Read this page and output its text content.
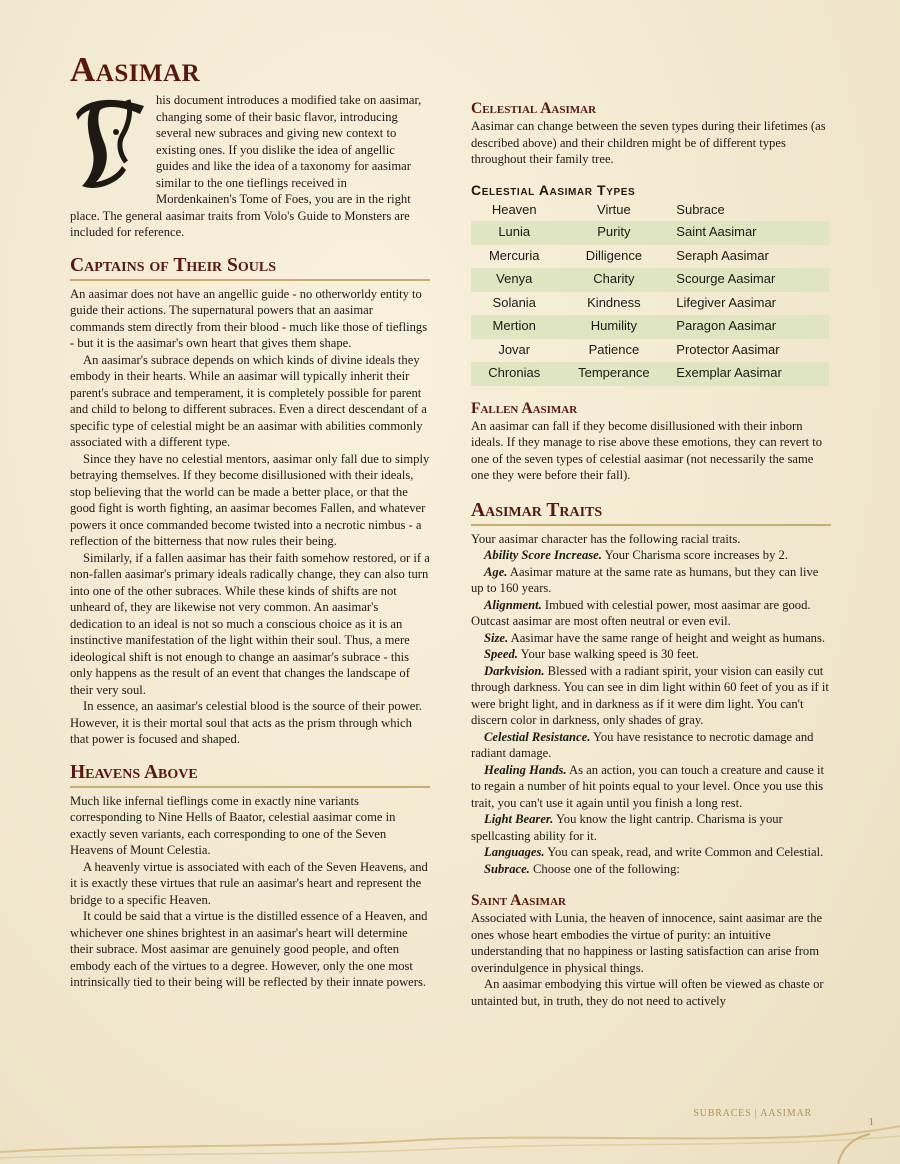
Aasimar

his document introduces a modified take on aasimar, changing some of their basic flavor, introducing several new subraces and giving new context to existing ones. If you dislike the idea of angellic guides and like the idea of a taxonomy for aasimar similar to the one tieflings received in Mordenkainen's Tome of Foes, you are in the right place. The general aasimar traits from Volo's Guide to Monsters are included for reference.

Captains of Their Souls

An aasimar does not have an angellic guide - no otherworldy entity to guide their actions. The supernatural powers that an aasimar commands stem directly from their blood - much like those of tieflings - but it is the aasimar's own heart that gives them shape.

An aasimar's subrace depends on which kinds of divine ideals they embody in their hearts. While an aasimar will typically inherit their parent's subrace and temperament, it is completely possible for parent and child to belong to different subraces. Even a direct descendant of a specific type of celestial might be an aasimar with abilities commonly associated with a different type.

Since they have no celestial mentors, aasimar only fall due to simply betraying themselves. If they become disillusioned with their ideals, stop believing that the world can be made a better place, or that the good fight is worth fighting, an aasimar becomes Fallen, and whatever powers it once commanded become twisted into a necrotic nimbus - a reflection of the bitterness that now rules their being.

Similarly, if a fallen aasimar has their faith somehow restored, or if a non-fallen aasimar's primary ideals radically change, they can also turn into one of the other subraces. While these kinds of shifts are not unheard of, they are likewise not very common. An aasimar's dedication to an ideal is not so much a conscious choice as it is an instinctive manifestation of the light within their soul. Thus, a mere ideological shift is not enough to change an aasimar's subrace - this only happens as the result of an event that changes the landscape of their very soul.

In essence, an aasimar's celestial blood is the source of their power. However, it is their mortal soul that acts as the prism through which that power is focused and shaped.

Heavens Above

Much like infernal tieflings come in exactly nine variants corresponding to Nine Hells of Baator, celestial aasimar come in exactly seven variants, each corresponding to one of the Seven Heavens of Mount Celestia.

A heavenly virtue is associated with each of the Seven Heavens, and it is exactly these virtues that rule an aasimar's heart and represent the bridge to a specific Heaven.

It could be said that a virtue is the distilled essence of a Heaven, and whichever one shines brightest in an aasimar's heart will determine their subrace. Most aasimar are genuinely good people, and often embody each of the virtues to a degree. However, only the one most intrinsically tied to their being will be reflected by their innate powers.

Celestial Aasimar

Aasimar can change between the seven types during their lifetimes (as described above) and their children might be of different types throughout their family tree.

Celestial Aasimar Types
Heaven	Virtue	Subrace
Lunia	Purity	Saint Aasimar
Mercuria	Dilligence	Seraph Aasimar
Venya	Charity	Scourge Aasimar
Solania	Kindness	Lifegiver Aasimar
Mertion	Humility	Paragon Aasimar
Jovar	Patience	Protector Aasimar
Chronias	Temperance	Exemplar Aasimar
Fallen Aasimar

An aasimar can fall if they become disillusioned with their inborn ideals. If they manage to rise above these emotions, they can revert to one of the seven types of celestial aasimar (not necessarily the same one they were before their fall).

Aasimar Traits

Your aasimar character has the following racial traits.

Ability Score Increase. Your Charisma score increases by 2.

Age. Aasimar mature at the same rate as humans, but they can live up to 160 years.

Alignment. Imbued with celestial power, most aasimar are good. Outcast aasimar are most often neutral or even evil.

Size. Aasimar have the same range of height and weight as humans.

Speed. Your base walking speed is 30 feet.

Darkvision. Blessed with a radiant spirit, your vision can easily cut through darkness. You can see in dim light within 60 feet of you as if it were bright light, and in darkness as if it were dim light. You can't discern color in darkness, only shades of gray.

Celestial Resistance. You have resistance to necrotic damage and radiant damage.

Healing Hands. As an action, you can touch a creature and cause it to regain a number of hit points equal to your level. Once you use this trait, you can't use it again until you finish a long rest.

Light Bearer. You know the light cantrip. Charisma is your spellcasting ability for it.

Languages. You can speak, read, and write Common and Celestial.

Subrace. Choose one of the following:

Saint Aasimar

Associated with Lunia, the heaven of innocence, saint aasimar are the ones whose heart embodies the virtue of purity: an intuitive understanding that no happiness or lasting satisfaction can arise from overindulgence in physical things.

An aasimar embodying this virtue will often be viewed as chaste or untainted but, in truth, they do not need to actively

SUBRACES | AASIMAR
1
